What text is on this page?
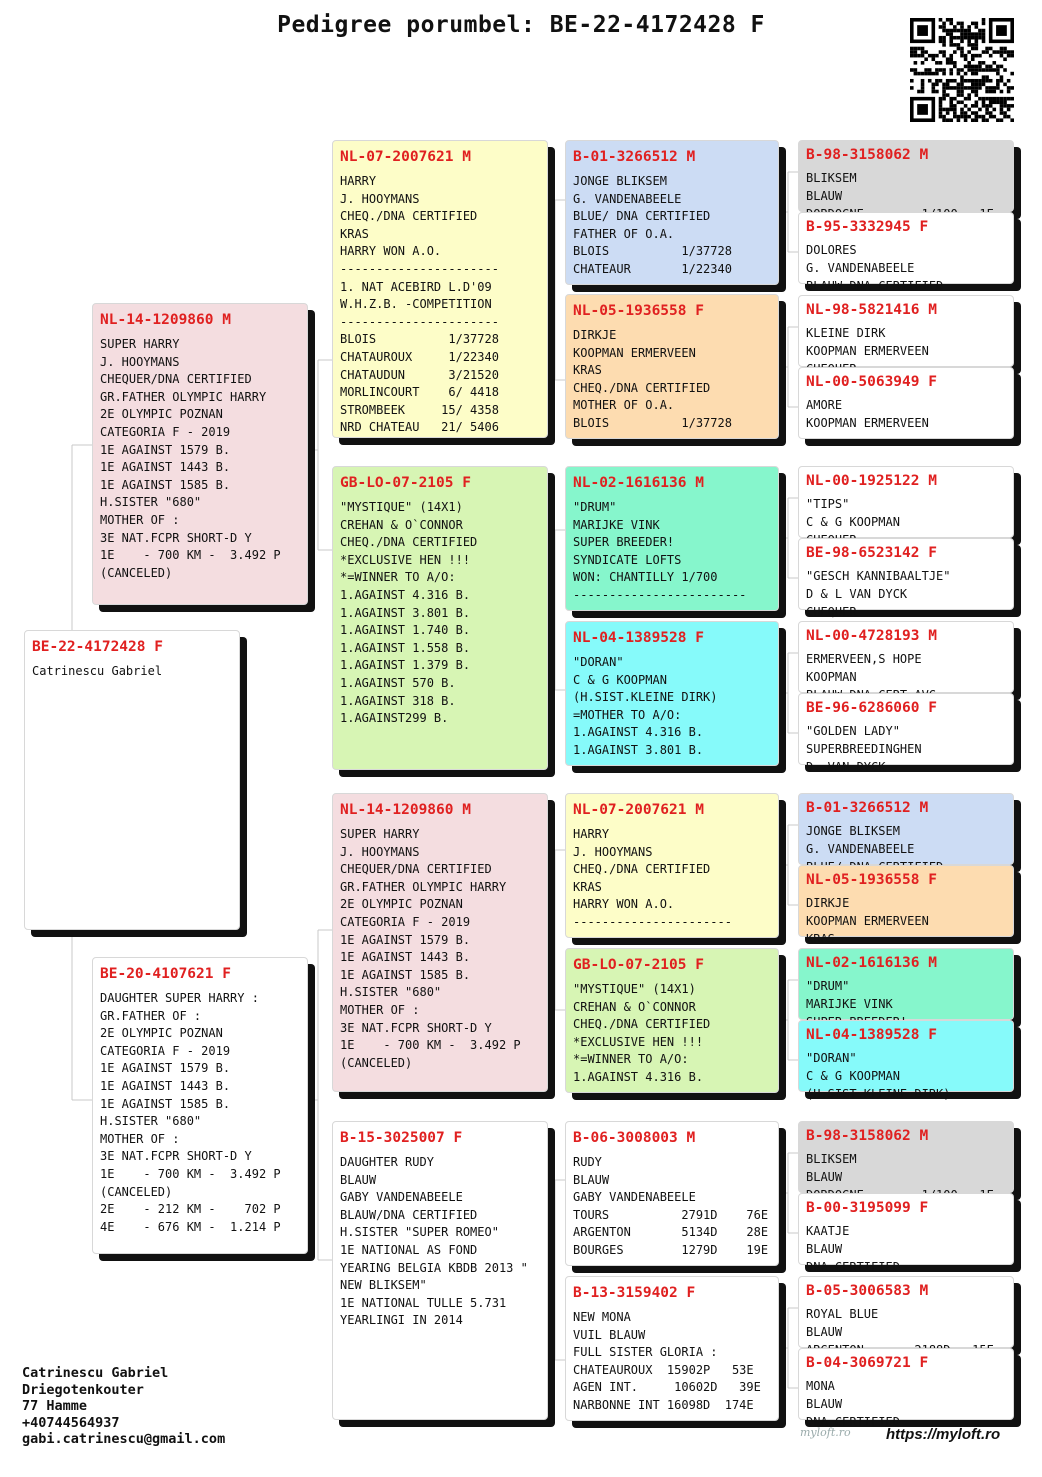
Pedigree porumbel: BE-22-4172428 F
BE-22-4172428 F
Catrinescu Gabriel
NL-14-1209860 M
SUPER HARRY
J. HOOYMANS
CHEQUER/DNA CERTIFIED
GR.FATHER OLYMPIC HARRY
2E OLYMPIC POZNAN
CATEGORIA F - 2019
1E AGAINST 1579 B.
1E AGAINST 1443 B.
1E AGAINST 1585 B.
H.SISTER "680"
MOTHER OF :
3E NAT.FCPR SHORT-D Y
1E    - 700 KM -  3.492 P
(CANCELED)
BE-20-4107621 F
DAUGHTER SUPER HARRY :
GR.FATHER OF :
2E OLYMPIC POZNAN
CATEGORIA F - 2019
1E AGAINST 1579 B.
1E AGAINST 1443 B.
1E AGAINST 1585 B.
H.SISTER "680"
MOTHER OF :
3E NAT.FCPR SHORT-D Y
1E    - 700 KM -  3.492 P
(CANCELED)
2E    - 212 KM -    702 P
4E    - 676 KM -  1.214 P
NL-07-2007621 M
HARRY
J. HOOYMANS
CHEQ./DNA CERTIFIED
KRAS
HARRY WON A.O.
----------------------
1. NAT ACEBIRD L.D'09
W.H.Z.B. -COMPETITION
----------------------
BLOIS          1/37728
CHATAUROUX     1/22340
CHATAUDUN      3/21520
MORLINCOURT    6/ 4418
STROMBEEK     15/ 4358
NRD CHATEAU   21/ 5406
GB-LO-07-2105 F
"MYSTIQUE" (14X1)
CREHAN & O`CONNOR
CHEQ./DNA CERTIFIED
*EXCLUSIVE HEN !!!
*=WINNER TO A/O:
1.AGAINST 4.316 B.
1.AGAINST 3.801 B.
1.AGAINST 1.740 B.
1.AGAINST 1.558 B.
1.AGAINST 1.379 B.
1.AGAINST 570 B.
1.AGAINST 318 B.
1.AGAINST299 B.
NL-14-1209860 M
SUPER HARRY
J. HOOYMANS
CHEQUER/DNA CERTIFIED
GR.FATHER OLYMPIC HARRY
2E OLYMPIC POZNAN
CATEGORIA F - 2019
1E AGAINST 1579 B.
1E AGAINST 1443 B.
1E AGAINST 1585 B.
H.SISTER "680"
MOTHER OF :
3E NAT.FCPR SHORT-D Y
1E    - 700 KM -  3.492 P
(CANCELED)
B-15-3025007 F
DAUGHTER RUDY
BLAUW
GABY VANDENABEELE
BLAUW/DNA CERTIFIED
H.SISTER "SUPER ROMEO"
1E NATIONAL AS FOND
YEARING BELGIA KBDB 2013 "
NEW BLIKSEM"
1E NATIONAL TULLE 5.731
YEARLINGI IN 2014
B-01-3266512 M
JONGE BLIKSEM
G. VANDENABEELE
BLUE/ DNA CERTIFIED
FATHER OF O.A.
BLOIS          1/37728
CHATEAUR       1/22340
NL-05-1936558 F
DIRKJE
KOOPMAN ERMERVEEN
KRAS
CHEQ./DNA CERTIFIED
MOTHER OF O.A.
BLOIS          1/37728
NL-02-1616136 M
"DRUM"
MARIJKE VINK
SUPER BREEDER!
SYNDICATE LOFTS
WON: CHANTILLY 1/700
------------------------
NL-04-1389528 F
"DORAN"
C & G KOOPMAN
(H.SIST.KLEINE DIRK)
=MOTHER TO A/O:
1.AGAINST 4.316 B.
1.AGAINST 3.801 B.
NL-07-2007621 M
HARRY
J. HOOYMANS
CHEQ./DNA CERTIFIED
KRAS
HARRY WON A.O.
----------------------
GB-LO-07-2105 F
"MYSTIQUE" (14X1)
CREHAN & O`CONNOR
CHEQ./DNA CERTIFIED
*EXCLUSIVE HEN !!!
*=WINNER TO A/O:
1.AGAINST 4.316 B.
B-06-3008003 M
RUDY
BLAUW
GABY VANDENABEELE
TOURS          2791D    76E
ARGENTON       5134D    28E
BOURGES        1279D    19E
B-13-3159402 F
NEW MONA
VUIL BLAUW
FULL SISTER GLORIA :
CHATEAUROUX  15902P   53E
AGEN INT.     10602D   39E
NARBONNE INT 16098D  174E
B-98-3158062 M
BLIKSEM
BLAUW
B-95-3332945 F
DOLORES
G. VANDENABEELE
BLAUW DNA CERTIFIED
NL-98-5821416 M
KLEINE DIRK
KOOPMAN ERMERVEEN
NL-00-5063949 F
AMORE
KOOPMAN ERMERVEEN
NL-00-1925122 M
"TIPS"
C & G KOOPMAN
BE-98-6523142 F
"GESCH KANNIBAALTJE"
D & L VAN DYCK
CHEQUER
NL-00-4728193 M
ERMERVEEN,S HOPE
KOOPMAN
BE-96-6286060 F
"GOLDEN LADY"
SUPERBREEDINGHEN
D. VAN DYCK
B-01-3266512 M
JONGE BLIKSEM
G. VANDENABEELE
NL-05-1936558 F
DIRKJE
KOOPMAN ERMERVEEN
KRAS
NL-02-1616136 M
"DRUM"
MARIJKE VINK
NL-04-1389528 F
"DORAN"
C & G KOOPMAN
(H.SIST.KLEINE DIRK)
B-98-3158062 M
BLIKSEM
BLAUW
B-00-3195099 F
KAATJE
BLAUW
DNA CERTIFIED
B-05-3006583 M
ROYAL BLUE
BLAUW
B-04-3069721 F
MONA
BLAUW
DNA CERTIFIED
Catrinescu Gabriel
Driegotenkouter
77 Hamme
+40744564937
gabi.catrinescu@gmail.com	myloft.ro https://myloft.ro
